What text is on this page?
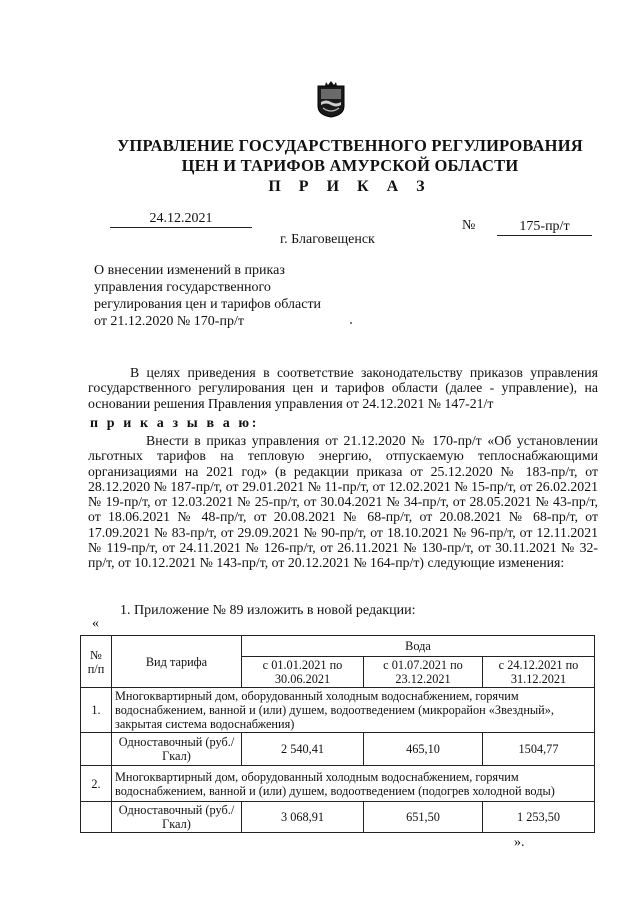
УПРАВЛЕНИЕ ГОСУДАРСТВЕННОГО РЕГУЛИРОВАНИЯ
ЦЕН И ТАРИФОВ АМУРСКОЙ ОБЛАСТИ
П Р И К А З
24.12.2021	№	175-пр/т
г. Благовещенск
О внесении изменений в приказ
управления государственного
регулирования цен и тарифов области
от 21.12.2020 № 170-пр/т
В целях приведения в соответствие законодательству приказов управления государственного регулирования цен и тарифов области (далее - управление), на основании решения Правления управления от 24.12.2021 № 147-21/т
п р и к а з ы в а ю:
Внести в приказ управления от 21.12.2020 № 170-пр/т «Об установлении льготных тарифов на тепловую энергию, отпускаемую теплоснабжающими организациями на 2021 год» (в редакции приказа от 25.12.2020 № 183-пр/т, от 28.12.2020 № 187-пр/т, от 29.01.2021 № 11-пр/т, от 12.02.2021 № 15-пр/т, от 26.02.2021 № 19-пр/т, от 12.03.2021 № 25-пр/т, от 30.04.2021 № 34-пр/т, от 28.05.2021 № 43-пр/т, от 18.06.2021 № 48-пр/т, от 20.08.2021 № 68-пр/т, от 20.08.2021 № 68-пр/т, от 17.09.2021 № 83-пр/т, от 29.09.2021 № 90-пр/т, от 18.10.2021 № 96-пр/т, от 12.11.2021 № 119-пр/т, от 24.11.2021 № 126-пр/т, от 26.11.2021 № 130-пр/т, от 30.11.2021 № 32-пр/т, от 10.12.2021 № 143-пр/т, от 20.12.2021 № 164-пр/т) следующие изменения:
1. Приложение № 89 изложить в новой редакции:
«
№ п/п	Вид тарифа	Вода		
		с 01.01.2021 по 30.06.2021	с 01.07.2021 по 23.12.2021	с 24.12.2021 по 31.12.2021
1.	Многоквартирный дом, оборудованный холодным водоснабжением, горячим водоснабжением, ванной и (или) душем, водоотведением (микрорайон «Звездный», закрытая система водоснабжения)			
	Одноставочный (руб./Гкал)	2 540,41	465,10	1504,77
2.	Многоквартирный дом, оборудованный холодным водоснабжением, горячим водоснабжением, ванной и (или) душем, водоотведением (подогрев холодной воды)			
	Одноставочный (руб./Гкал)	3 068,91	651,50	1 253,50
».
